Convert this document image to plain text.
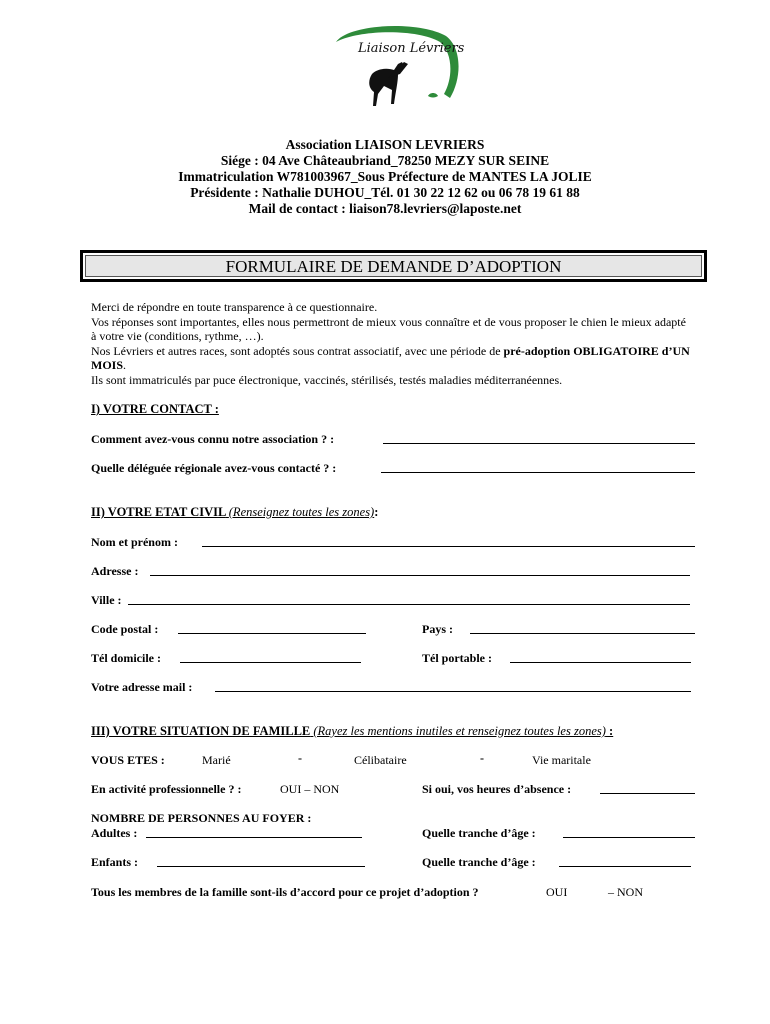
Liaison Lévriers
Association LIAISON LEVRIERS
Siége : 04 Ave Châteaubriand_78250 MEZY SUR SEINE
Immatriculation W781003967_Sous Préfecture de MANTES LA JOLIE
Présidente : Nathalie DUHOU_Tél. 01 30 22 12 62 ou 06 78 19 61 88
Mail de contact : liaison78.levriers@laposte.net
FORMULAIRE DE DEMANDE D’ADOPTION
Merci de répondre en toute transparence à ce questionnaire.
Vos réponses sont importantes, elles nous permettront de mieux vous connaître et de vous proposer le chien le mieux adapté à votre vie (conditions, rythme, …).
Nos Lévriers et autres races, sont adoptés sous contrat associatif, avec une période de pré-adoption OBLIGATOIRE d’UN MOIS.
Ils sont immatriculés par puce électronique, vaccinés, stérilisés, testés maladies méditerranéennes.
I) VOTRE CONTACT :
Comment avez-vous connu notre association ? :
Quelle déléguée régionale avez-vous contacté ? :
II) VOTRE ETAT CIVIL (Renseignez toutes les zones):
Nom et prénom :
Adresse :
Ville :
Code postal :	Pays :
Tél domicile :	Tél portable :
Votre adresse mail :
III) VOTRE SITUATION DE FAMILLE (Rayez les mentions inutiles et renseignez toutes les zones) :
VOUS ETES :	Marié	-	Célibataire	-	Vie maritale
En activité professionnelle ? :	OUI – NON	Si oui, vos heures d’absence :
NOMBRE DE PERSONNES AU FOYER :
Adultes :	Quelle tranche d’âge :
Enfants :	Quelle tranche d’âge :
Tous les membres de la famille sont-ils d’accord pour ce projet d’adoption ?	OUI	– NON
